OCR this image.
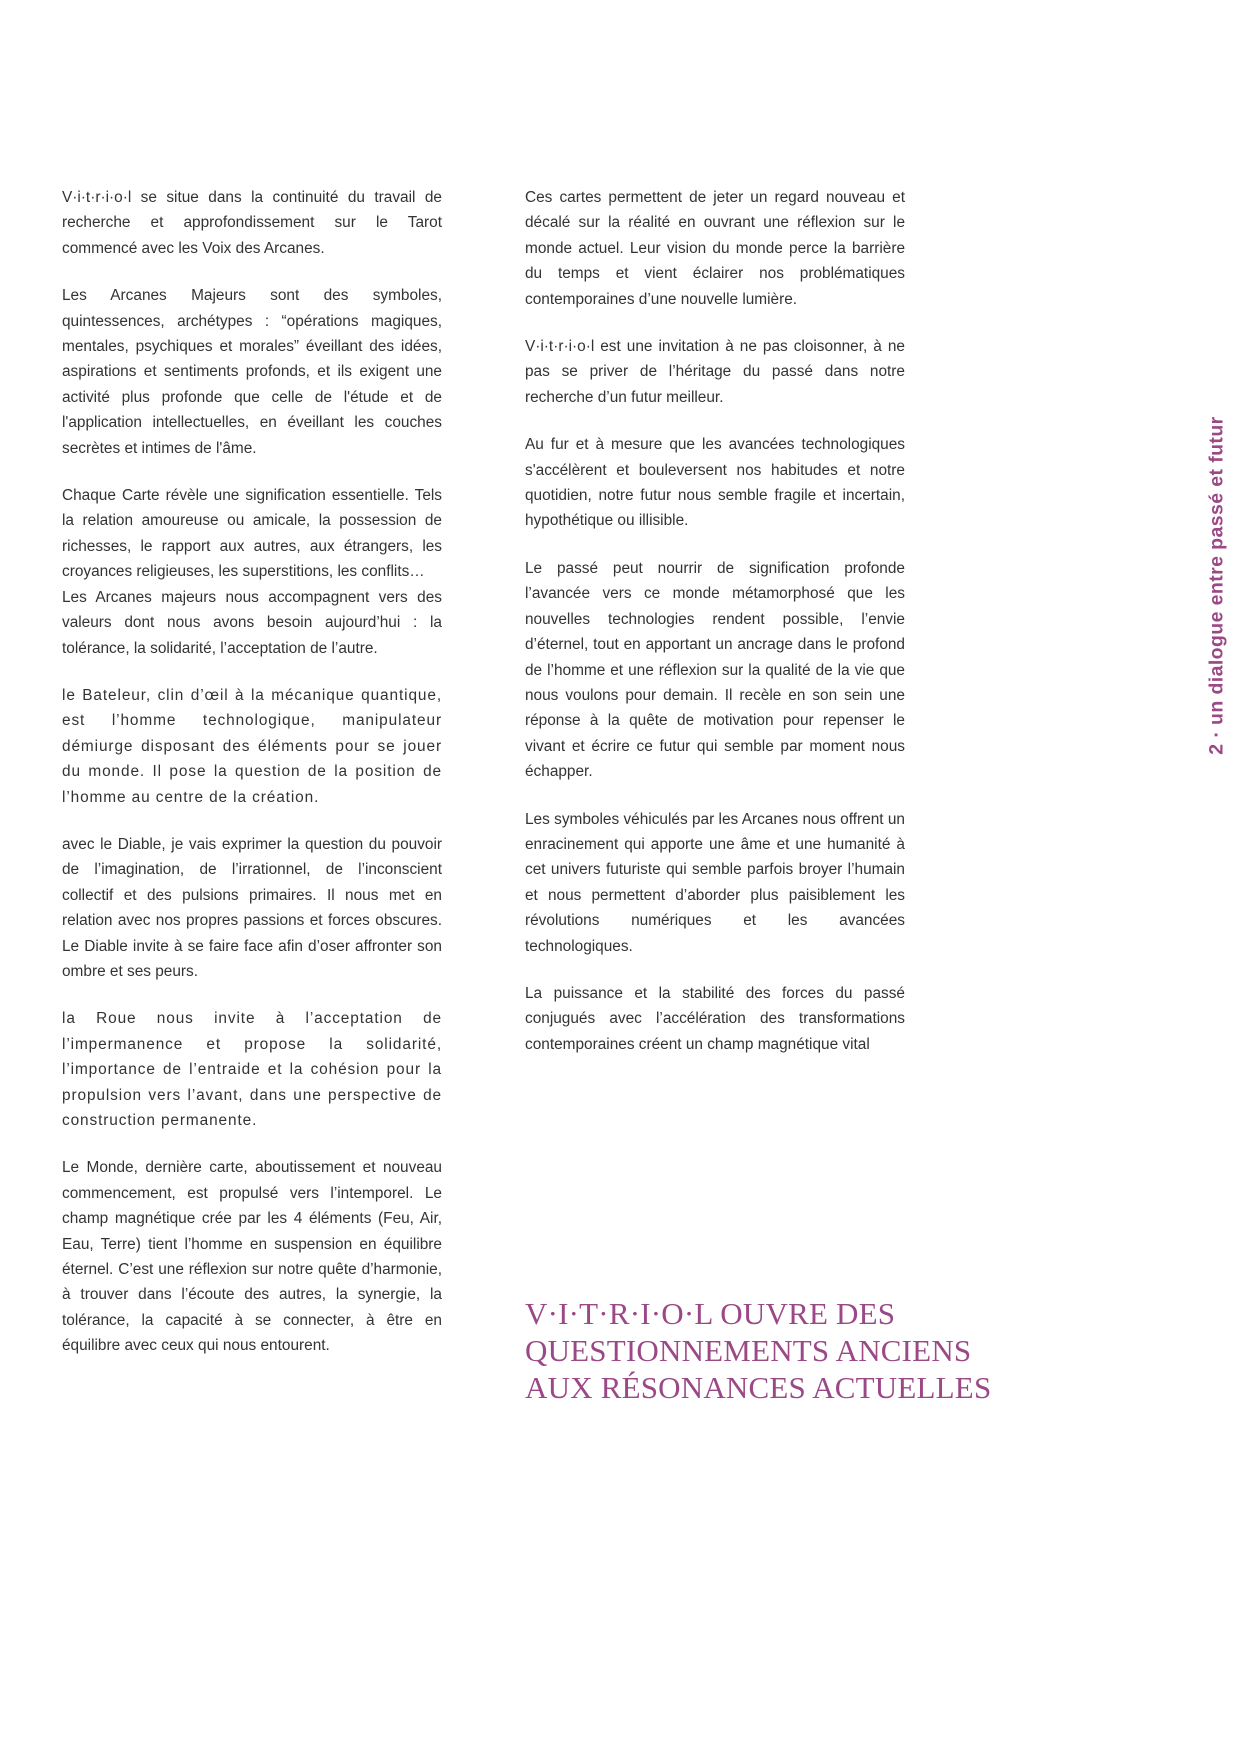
2 · un dialogue entre passé et futur

V·i·t·r·i·o·l se situe dans la continuité du travail de recherche et approfondissement sur le Tarot commencé avec les Voix des Arcanes.

Les Arcanes Majeurs sont des symboles, quintessences, archétypes : “opérations magiques, mentales, psychiques et morales” éveillant des idées, aspirations et sentiments profonds, et ils exigent une activité plus profonde que celle de l'étude et de l'application intellectuelles, en éveillant les couches secrètes et intimes de l'âme.

Chaque Carte révèle une signification essentielle. Tels la relation amoureuse ou amicale, la possession de richesses, le rapport aux autres, aux étrangers, les croyances religieuses, les superstitions, les conflits…

Les Arcanes majeurs nous accompagnent vers des valeurs dont nous avons besoin aujourd’hui : la tolérance, la solidarité, l’acceptation de l’autre.

le Bateleur, clin d’œil à la mécanique quantique, est l’homme technologique, manipulateur démiurge disposant des éléments pour se jouer du monde. Il pose la question de la position de l’homme au centre de la création.

avec le Diable, je vais exprimer la question du pouvoir de l’imagination, de l’irrationnel, de l’inconscient collectif et des pulsions primaires. Il nous met en relation avec nos propres passions et forces obscures. Le Diable invite à se faire face afin d’oser affronter son ombre et ses peurs.

la Roue nous invite à l’acceptation de l’impermanence et propose la solidarité, l’importance de l’entraide et la cohésion pour la propulsion vers l’avant, dans une perspective de construction permanente.

Le Monde, dernière carte, aboutissement et nouveau commencement, est propulsé vers l’intemporel. Le champ magnétique crée par les 4 éléments (Feu, Air, Eau, Terre) tient l’homme en suspension en équilibre éternel. C’est une réflexion sur notre quête d’harmonie, à trouver dans l’écoute des autres, la synergie, la tolérance, la capacité à se connecter, à être en équilibre avec ceux qui nous entourent.

Ces cartes permettent de jeter un regard nouveau et décalé sur la réalité en ouvrant une réflexion sur le monde actuel. Leur vision du monde perce la barrière du temps et vient éclairer nos problématiques contemporaines d’une nouvelle lumière.

V·i·t·r·i·o·l est une invitation à ne pas cloisonner, à ne pas se priver de l’héritage du passé dans notre recherche d’un futur meilleur.

Au fur et à mesure que les avancées technologiques s'accélèrent et bouleversent nos habitudes et notre quotidien, notre futur nous semble fragile et incertain, hypothétique ou illisible.

Le passé peut nourrir de signification profonde l’avancée vers ce monde métamorphosé que les nouvelles technologies rendent possible, l’envie d’éternel, tout en apportant un ancrage dans le profond de l’homme et une réflexion sur la qualité de la vie que nous voulons pour demain. Il recèle en son sein une réponse à la quête de motivation pour repenser le vivant et écrire ce futur qui semble par moment nous échapper.

Les symboles véhiculés par les Arcanes nous offrent un enracinement qui apporte une âme et une humanité à cet univers futuriste qui semble parfois broyer l’humain et nous permettent d’aborder plus paisiblement les révolutions numériques et les avancées technologiques.

La puissance et la stabilité des forces du passé conjugués avec l’accélération des transformations contemporaines créent un champ magnétique vital

V·I·T·R·I·O·L OUVRE DES
QUESTIONNEMENTS ANCIENS
AUX RÉSONANCES ACTUELLES
